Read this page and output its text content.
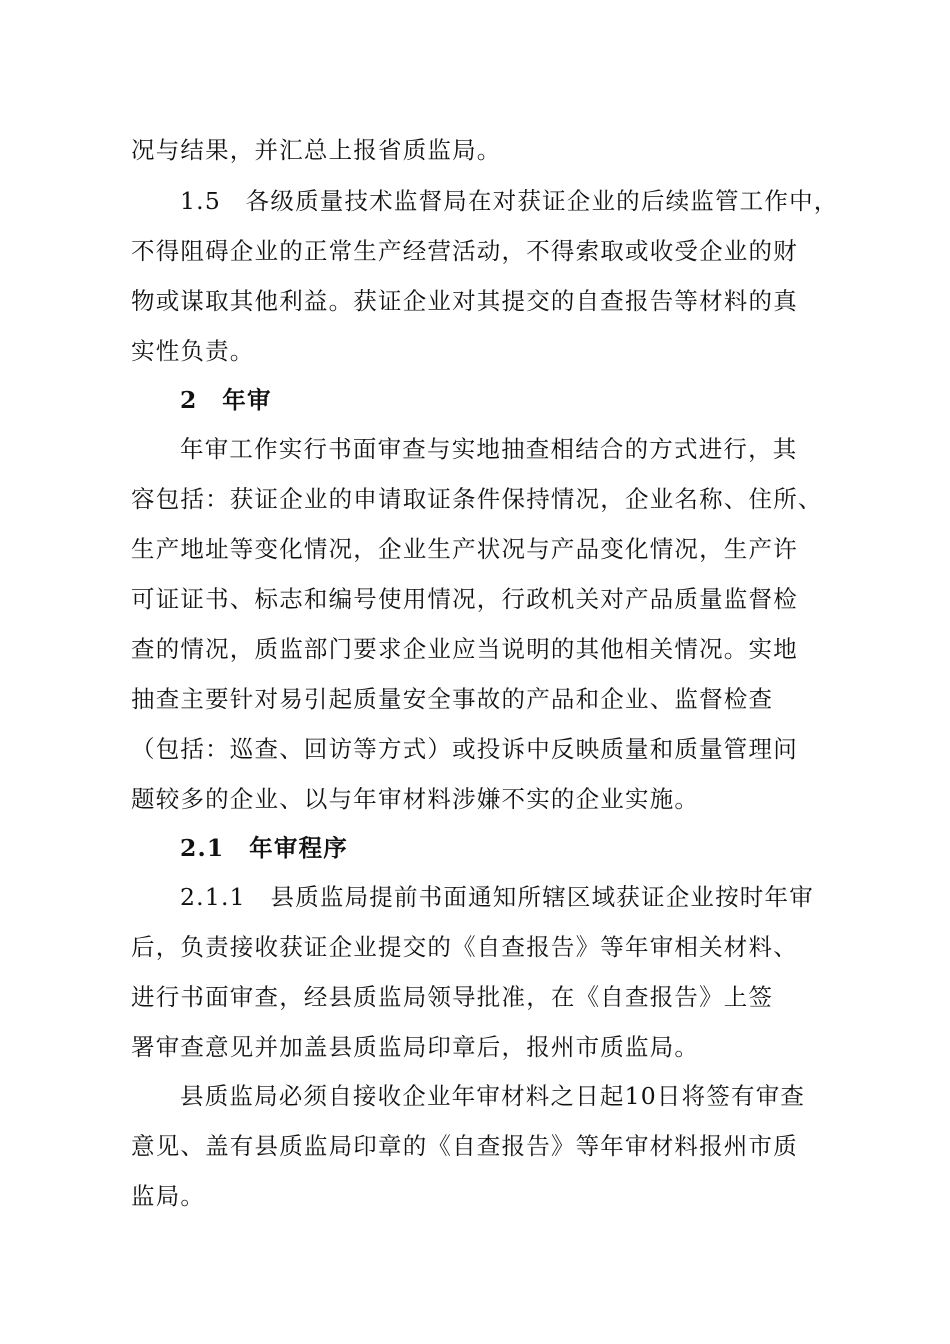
况与结果，并汇总上报省质监局。
1.5　各级质量技术监督局在对获证企业的后续监管工作中，
不得阻碍企业的正常生产经营活动，不得索取或收受企业的财
物或谋取其他利益。获证企业对其提交的自查报告等材料的真
实性负责。
2　年审
年审工作实行书面审查与实地抽查相结合的方式进行，其
容包括：获证企业的申请取证条件保持情况，企业名称、住所、
生产地址等变化情况，企业生产状况与产品变化情况，生产许
可证证书、标志和编号使用情况，行政机关对产品质量监督检
查的情况，质监部门要求企业应当说明的其他相关情况。实地
抽查主要针对易引起质量安全事故的产品和企业、监督检查
（包括：巡查、回访等方式）或投诉中反映质量和质量管理问
题较多的企业、以与年审材料涉嫌不实的企业实施。
2.1　年审程序
2.1.1　县质监局提前书面通知所辖区域获证企业按时年审
后，负责接收获证企业提交的《自查报告》等年审相关材料、
进行书面审查，经县质监局领导批准，在《自查报告》上签
署审查意见并加盖县质监局印章后，报州市质监局。
县质监局必须自接收企业年审材料之日起10日将签有审查
意见、盖有县质监局印章的《自查报告》等年审材料报州市质
监局。
